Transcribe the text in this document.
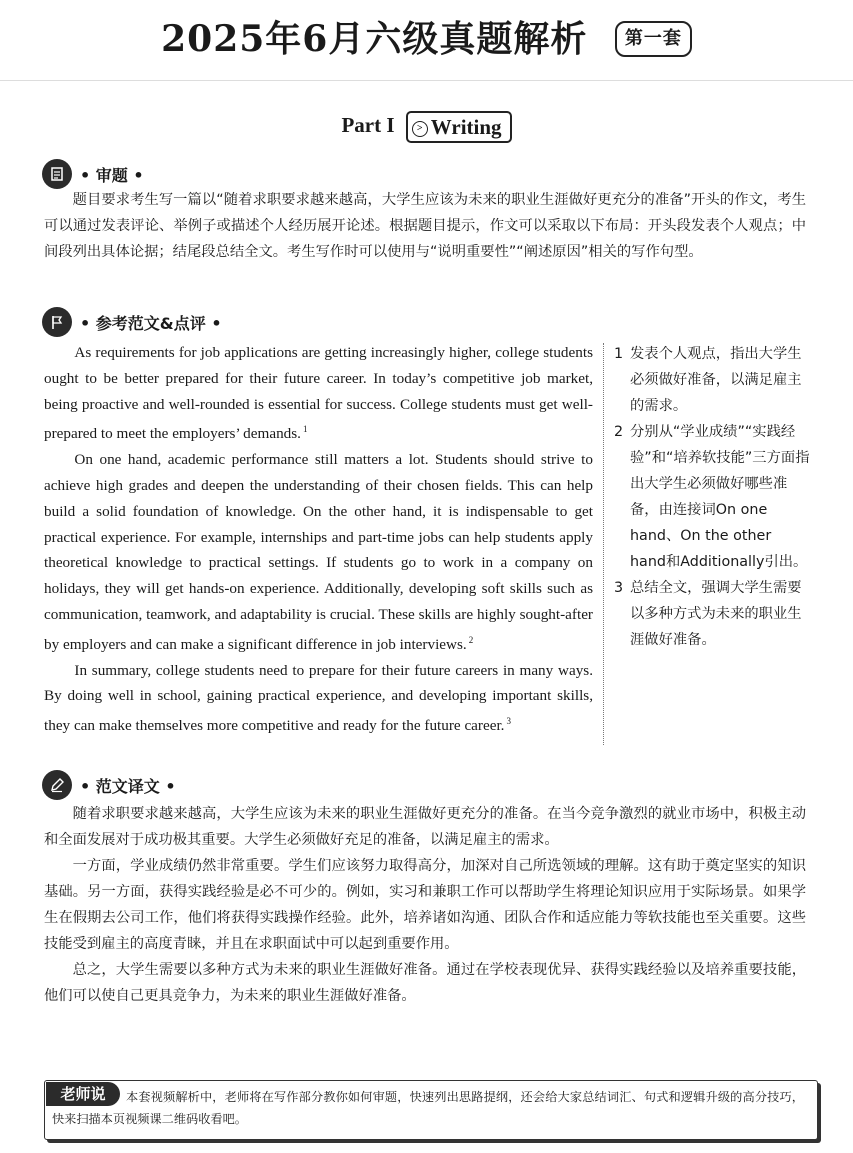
2025年6月六级真题解析 第一套
Part I > Writing
• 审题 •

题目要求考生写一篇以“随着求职要求越来越高，大学生应该为未来的职业生涯做好更充分的准备”开头的作文，考生可以通过发表评论、举例子或描述个人经历展开论述。根据题目提示，作文可以采取以下布局：开头段发表个人观点；中间段列出具体论据；结尾段总结全文。考生写作时可以使用与“说明重要性”“阐述原因”相关的写作句型。

• 参考范文&点评 •

As requirements for job applications are getting increasingly higher, college students ought to be better prepared for their future career. In today’s competitive job market, being proactive and well-rounded is essential for success. College students must get well-prepared to meet the employers’ demands. $^1$

On one hand, academic performance still matters a lot. Students should strive to achieve high grades and deepen the understanding of their chosen fields. This can help build a solid foundation of knowledge. On the other hand, it is indispensable to get practical experience. For example, internships and part-time jobs can help students apply theoretical knowledge to practical settings. If students go to work in a company on holidays, they will get hands-on experience. Additionally, developing soft skills such as communication, teamwork, and adaptability is crucial. These skills are highly sought-after by employers and can make a significant difference in job interviews. $^2$

In summary, college students need to prepare for their future careers in many ways. By doing well in school, gaining practical experience, and developing important skills, they can make themselves more competitive and ready for the future career. $^3$

1 发表个人观点，指出大学生必须做好准备，以满足雇主的需求。
2 分别从“学业成绩”“实践经验”和“培养软技能”三方面指出大学生必须做好哪些准备，由连接词On one hand、On the other hand和Additionally引出。
3 总结全文，强调大学生需要以多种方式为未来的职业生涯做好准备。
• 范文译文 •

随着求职要求越来越高，大学生应该为未来的职业生涯做好更充分的准备。在当今竞争激烈的就业市场中，积极主动和全面发展对于成功极其重要。大学生必须做好充足的准备，以满足雇主的需求。

一方面，学业成绩仍然非常重要。学生们应该努力取得高分，加深对自己所选领域的理解。这有助于奠定坚实的知识基础。另一方面，获得实践经验是必不可少的。例如，实习和兼职工作可以帮助学生将理论知识应用于实际场景。如果学生在假期去公司工作，他们将获得实践操作经验。此外，培养诸如沟通、团队合作和适应能力等软技能也至关重要。这些技能受到雇主的高度青睐，并且在求职面试中可以起到重要作用。

总之，大学生需要以多种方式为未来的职业生涯做好准备。通过在学校表现优异、获得实践经验以及培养重要技能，他们可以使自己更具竞争力，为未来的职业生涯做好准备。

本套视频解析中，老师将在写作部分教你如何审题，快速列出思路提纲，还会给大家总结词汇、句式和逻辑升级的高分技巧，快来扫描本页视频课二维码收看吧。
老师说
